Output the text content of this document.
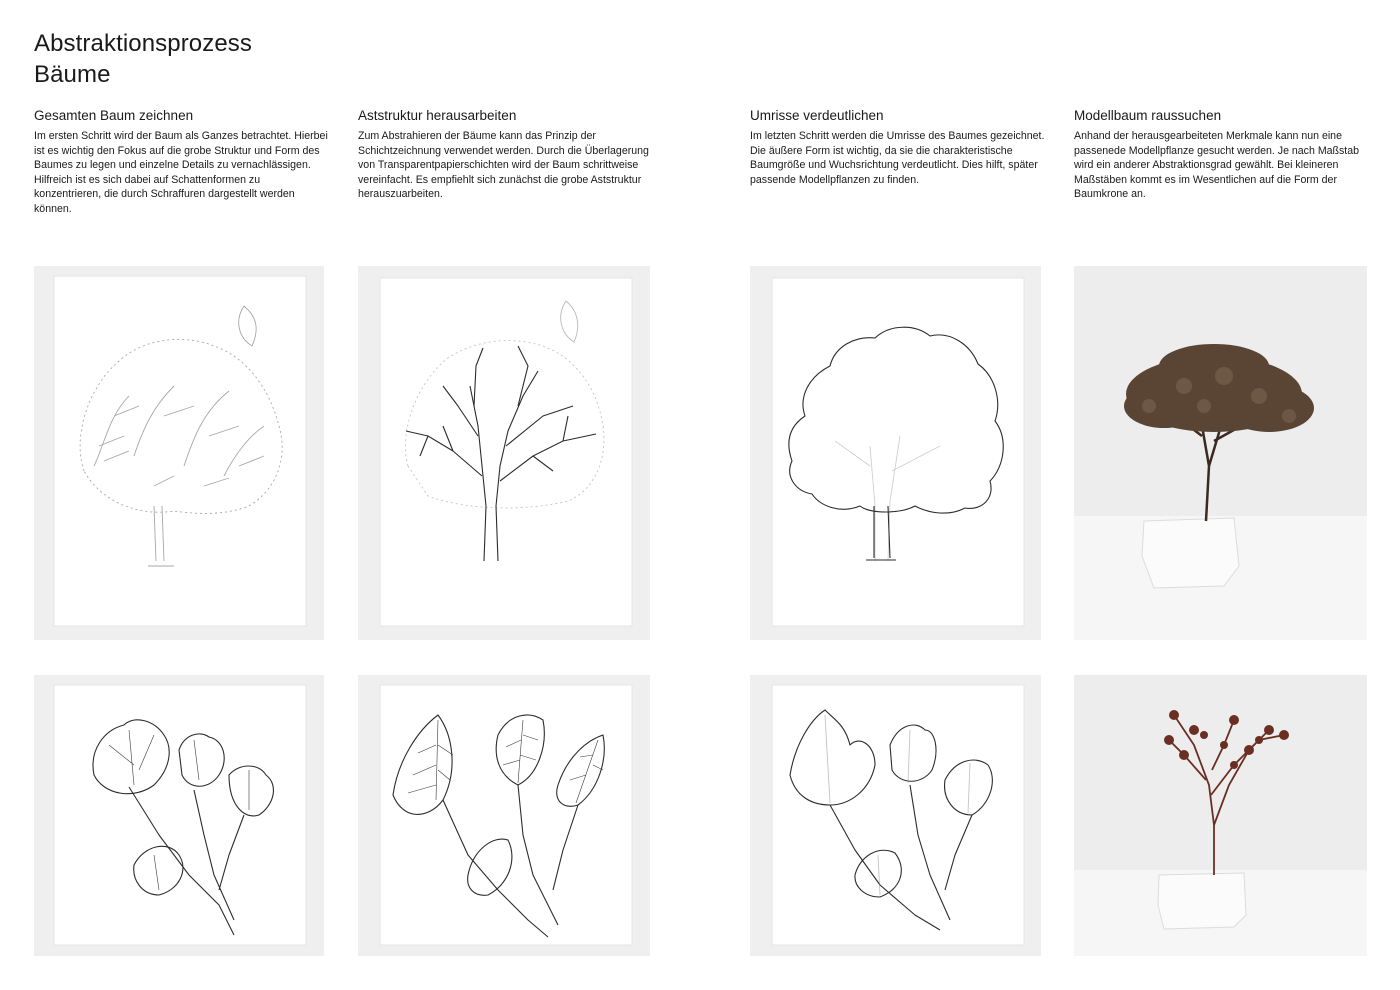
Abstraktionsprozess
Bäume
Gesamten Baum zeichnen

Im ersten Schritt wird der Baum als Ganzes betrachtet. Hierbei ist es wichtig den Fokus auf die grobe Struktur und Form des Baumes zu legen und einzelne Details zu vernachlässigen. Hilfreich ist es sich dabei auf Schattenformen zu konzentrieren, die durch Schraffuren dargestellt werden können.

Aststruktur herausarbeiten

Zum Abstrahieren der Bäume kann das Prinzip der Schichtzeichnung verwendet werden. Durch die Überlagerung von Transparentpapierschichten wird der Baum schrittweise vereinfacht. Es empfiehlt sich zunächst die grobe Aststruktur herauszuarbeiten.

Umrisse verdeutlichen

Im letzten Schritt werden die Umrisse des Baumes gezeichnet. Die äußere Form ist wichtig, da sie die charakteristische Baumgröße und Wuchsrichtung verdeutlicht. Dies hilft, später passende Modellpflanzen zu finden.

Modellbaum raussuchen

Anhand der herausgearbeiteten Merkmale kann nun eine passenede Modellpflanze gesucht werden. Je nach Maßstab wird ein anderer Abstraktionsgrad gewählt. Bei kleineren Maßstäben kommt es im Wesentlichen auf die Form der Baumkrone an.
